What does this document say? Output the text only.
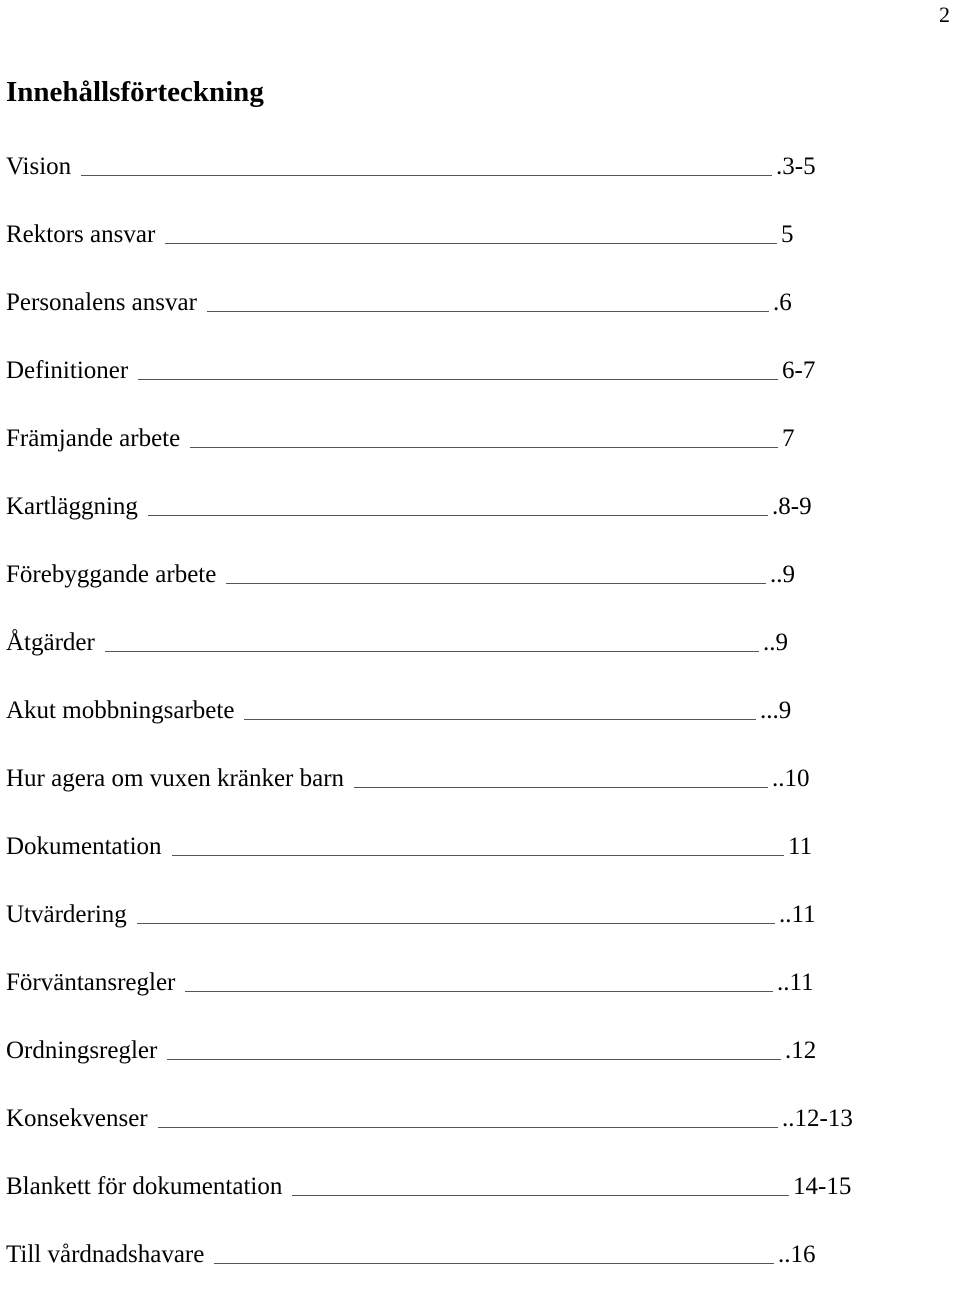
2
Innehållsförteckning
Vision	.3-5
Rektors ansvar	5
Personalens ansvar	.6
Definitioner	6-7
Främjande arbete	7
Kartläggning	.8-9
Förebyggande arbete	..9
Åtgärder	..9
Akut mobbningsarbete	...9
Hur agera om vuxen kränker barn	..10
Dokumentation	11
Utvärdering	..11
Förväntansregler	..11
Ordningsregler	.12
Konsekvenser	..12-13
Blankett för dokumentation	14-15
Till vårdnadshavare	..16
